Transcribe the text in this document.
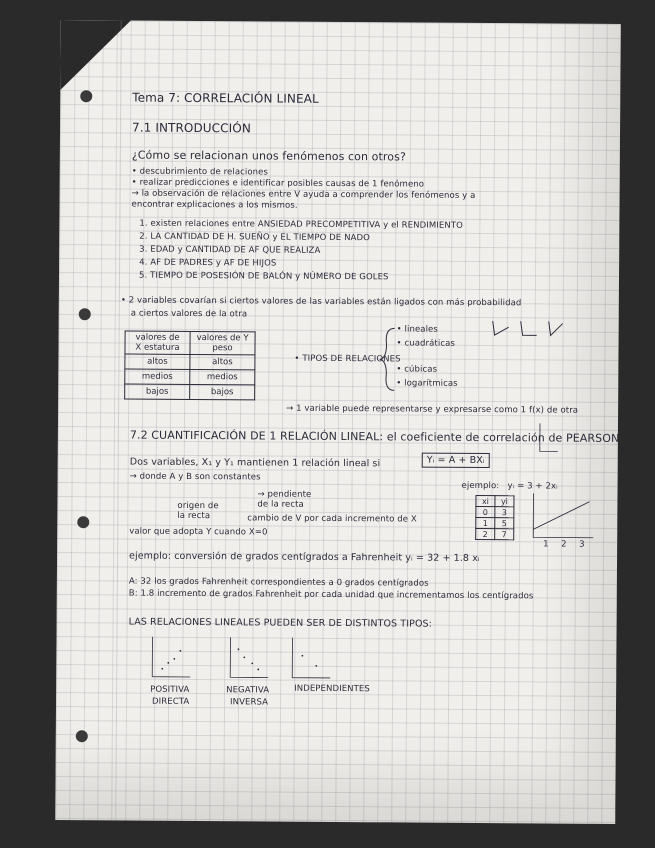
Tema 7: CORRELACIÓN LINEAL
7.1 INTRODUCCIÓN
¿Cómo se relacionan unos fenómenos con otros?
• descubrimiento de relaciones
• realizar predicciones e identificar posibles causas de 1 fenómeno
→ la observación de relaciones entre V ayuda a comprender los fenómenos y a
encontrar explicaciones a los mismos.
1. existen relaciones entre ANSIEDAD PRECOMPETITIVA y el RENDIMIENTO
2. LA CANTIDAD DE H. SUEÑO y EL TIEMPO DE NADO
3. EDAD y CANTIDAD DE AF QUE REALIZA
4. AF DE PADRES y AF DE HIJOS
5. TIEMPO DE POSESIÓN DE BALÓN y NÚMERO DE GOLES
• 2 variables covarían si ciertos valores de las variables están ligados con más probabilidad
a ciertos valores de la otra
valores de X estatura	valores de Y peso
altos	altos
medios	medios
bajos	bajos
• TIPOS DE RELACIONES
• lineales
• cuadráticas
• cúbicas
• logarítmicas
→ 1 variable puede representarse y expresarse como 1 f(x) de otra
7.2 CUANTIFICACIÓN DE 1 RELACIÓN LINEAL: el coeficiente de correlación de PEARSON
Dos variables, X₁ y Y₁ mantienen 1 relación lineal si	Yᵢ = A + BXᵢ
→ donde A y B son constantes
origen de la recta
→ pendiente de la recta
cambio de V por cada incremento de X
valor que adopta Y cuando X=0
ejemplo: yᵢ = 3 + 2xᵢ
xi	yi
0	3
1	5
2	7
1 2 3
ejemplo: conversión de grados centígrados a Fahrenheit yᵢ = 32 + 1.8 xᵢ
A: 32 los grados Fahrenheit correspondientes a 0 grados centígrados
B: 1.8 incremento de grados Fahrenheit por cada unidad que incrementamos los centígrados
LAS RELACIONES LINEALES PUEDEN SER DE DISTINTOS TIPOS:
POSITIVA
DIRECTA
NEGATIVA
INVERSA
INDEPENDIENTES
